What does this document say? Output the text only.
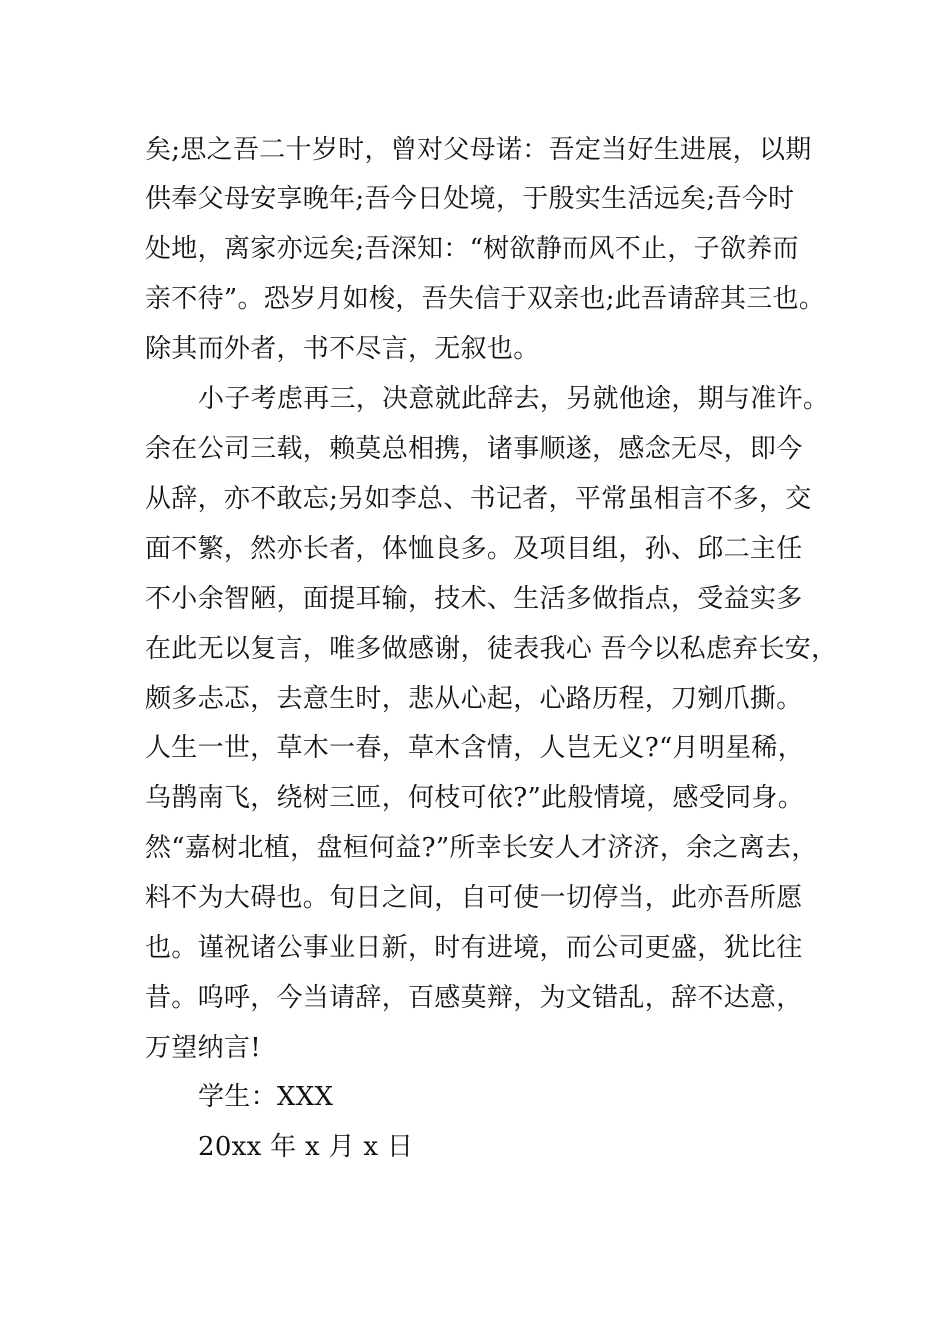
矣;思之吾二十岁时，曾对父母诺：吾定当好生进展，以期
供奉父母安享晚年;吾今日处境，于殷实生活远矣;吾今时
处地，离家亦远矣;吾深知：“树欲静而风不止，子欲养而
亲不待”。恐岁月如梭，吾失信于双亲也;此吾请辞其三也。
除其而外者，书不尽言，无叙也。
小子考虑再三，决意就此辞去，另就他途，期与准许。
余在公司三载，赖莫总相携，诸事顺遂，感念无尽，即今
从辞，亦不敢忘;另如李总、书记者，平常虽相言不多，交
面不繁，然亦长者，体恤良多。及项目组，孙、邱二主任
不小余智陋，面提耳输，技术、生活多做指点，受益实多
在此无以复言，唯多做感谢，徒表我心 吾今以私虑弃长安，
颇多忐忑，去意生时，悲从心起，心路历程，刀剜爪撕。
人生一世，草木一春，草木含情，人岂无义?“月明星稀，
乌鹊南飞，绕树三匝，何枝可依?”此般情境，感受同身。
然“嘉树北植，盘桓何益?”所幸长安人才济济，余之离去，
料不为大碍也。旬日之间，自可使一切停当，此亦吾所愿
也。谨祝诸公事业日新，时有进境，而公司更盛，犹比往
昔。呜呼，今当请辞，百感莫辩，为文错乱，辞不达意，
万望纳言!
学生：XXX
20xx 年 x 月 x 日
